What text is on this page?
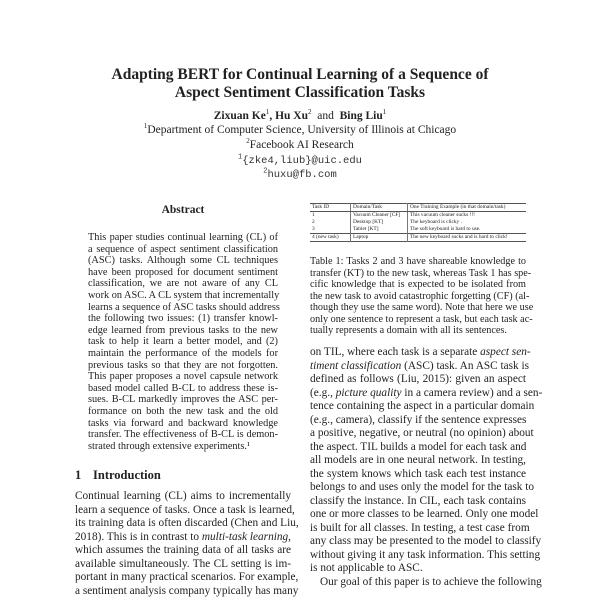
Adapting BERT for Continual Learning of a Sequence of
Aspect Sentiment Classification Tasks
Zixuan Ke$^1$, Hu Xu$^2$ and Bing Liu$^1$
$^1$Department of Computer Science, University of Illinois at Chicago
$^2$Facebook AI Research
$^1${zke4,liub}@uic.edu
$^2$huxu@fb.com
Abstract
This paper studies continual learning (CL) of
a sequence of aspect sentiment classification
(ASC) tasks. Although some CL techniques
have been proposed for document sentiment
classification, we are not aware of any CL
work on ASC. A CL system that incrementally
learns a sequence of ASC tasks should address
the following two issues: (1) transfer knowl-
edge learned from previous tasks to the new
task to help it learn a better model, and (2)
maintain the performance of the models for
previous tasks so that they are not forgotten.
This paper proposes a novel capsule network
based model called B-CL to address these is-
sues. B-CL markedly improves the ASC per-
formance on both the new task and the old
tasks via forward and backward knowledge
transfer. The effectiveness of B-CL is demon-
strated through extensive experiments.¹
1 Introduction
Continual learning (CL) aims to incrementally
learn a sequence of tasks. Once a task is learned,
its training data is often discarded (Chen and Liu,
2018). This is in contrast to multi-task learning,
which assumes the training data of all tasks are
available simultaneously. The CL setting is im-
portant in many practical scenarios. For example,
a sentiment analysis company typically has many
Task ID	Domain/Task	One Training Example (in that domain/task)
1	Vacuum Cleaner [CF]	This vacuum cleaner sucks !!!
2	Desktop [KT]	The keyboard is clicky .
3	Tablet [KT]	The soft keyboard is hard to use.
4 (new task)	Laptop	The new keyboard sucks and is hard to click!
Table 1: Tasks 2 and 3 have shareable knowledge to
transfer (KT) to the new task, whereas Task 1 has spe-
cific knowledge that is expected to be isolated from
the new task to avoid catastrophic forgetting (CF) (al-
though they use the same word). Note that here we use
only one sentence to represent a task, but each task ac-
tually represents a domain with all its sentences.
on TIL, where each task is a separate aspect sen-
timent classification (ASC) task. An ASC task is
defined as follows (Liu, 2015): given an aspect
(e.g., picture quality in a camera review) and a sen-
tence containing the aspect in a particular domain
(e.g., camera), classify if the sentence expresses
a positive, negative, or neutral (no opinion) about
the aspect. TIL builds a model for each task and
all models are in one neural network. In testing,
the system knows which task each test instance
belongs to and uses only the model for the task to
classify the instance. In CIL, each task contains
one or more classes to be learned. Only one model
is built for all classes. In testing, a test case from
any class may be presented to the model to classify
without giving it any task information. This setting
is not applicable to ASC.
Our goal of this paper is to achieve the following
